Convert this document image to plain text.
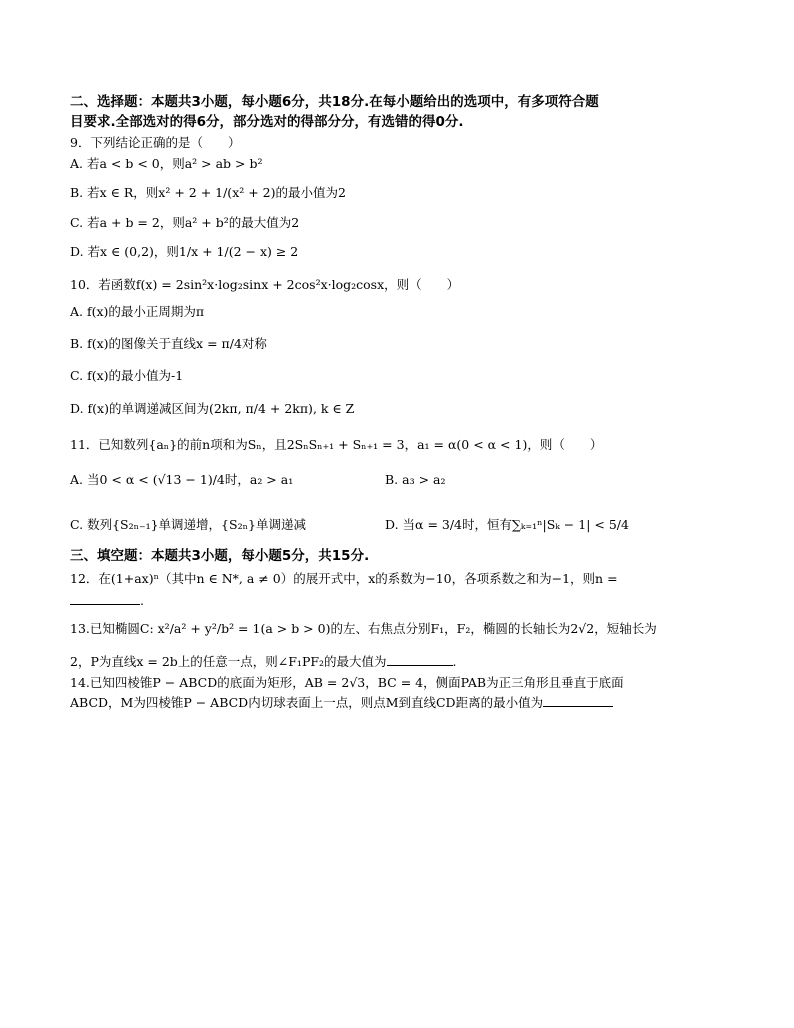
二、选择题：本题共3小题，每小题6分，共18分.在每小题给出的选项中，有多项符合题
目要求.全部选对的得6分，部分选对的得部分分，有选错的得0分.
9．下列结论正确的是（　　）
A. 若a < b < 0，则a² > ab > b²
B. 若x ∈ R，则x² + 2 + 1/(x² + 2)的最小值为2
C. 若a + b = 2，则a² + b²的最大值为2
D. 若x ∈ (0,2)，则1/x + 1/(2 − x) ≥ 2
10．若函数f(x) = 2sin²x·log₂sinx + 2cos²x·log₂cosx，则（　　）
A. f(x)的最小正周期为π
B. f(x)的图像关于直线x = π/4对称
C. f(x)的最小值为-1
D. f(x)的单调递减区间为(2kπ, π/4 + 2kπ), k ∈ Z
11．已知数列{aₙ}的前n项和为Sₙ，且2SₙSₙ₊₁ + Sₙ₊₁ = 3，a₁ = α(0 < α < 1)，则（　　）
A. 当0 < α < (√13 − 1)/4时，a₂ > a₁	B. a₃ > a₂
C. 数列{S₂ₙ₋₁}单调递增，{S₂ₙ}单调递减	D. 当α = 3/4时，恒有∑ₖ₌₁ⁿ|Sₖ − 1| < 5/4
三、填空题：本题共3小题，每小题5分，共15分.
12．在(1+ax)ⁿ（其中n ∈ N*, a ≠ 0）的展开式中，x的系数为−10，各项系数之和为−1，则n =
.
13.已知椭圆C: x²/a² + y²/b² = 1(a > b > 0)的左、右焦点分别F₁，F₂，椭圆的长轴长为2√2，短轴长为
2，P为直线x = 2b上的任意一点，则∠F₁PF₂的最大值为	.
14.已知四棱锥P − ABCD的底面为矩形，AB = 2√3，BC = 4，侧面PAB为正三角形且垂直于底面
ABCD，M为四棱锥P − ABCD内切球表面上一点，则点M到直线CD距离的最小值为
